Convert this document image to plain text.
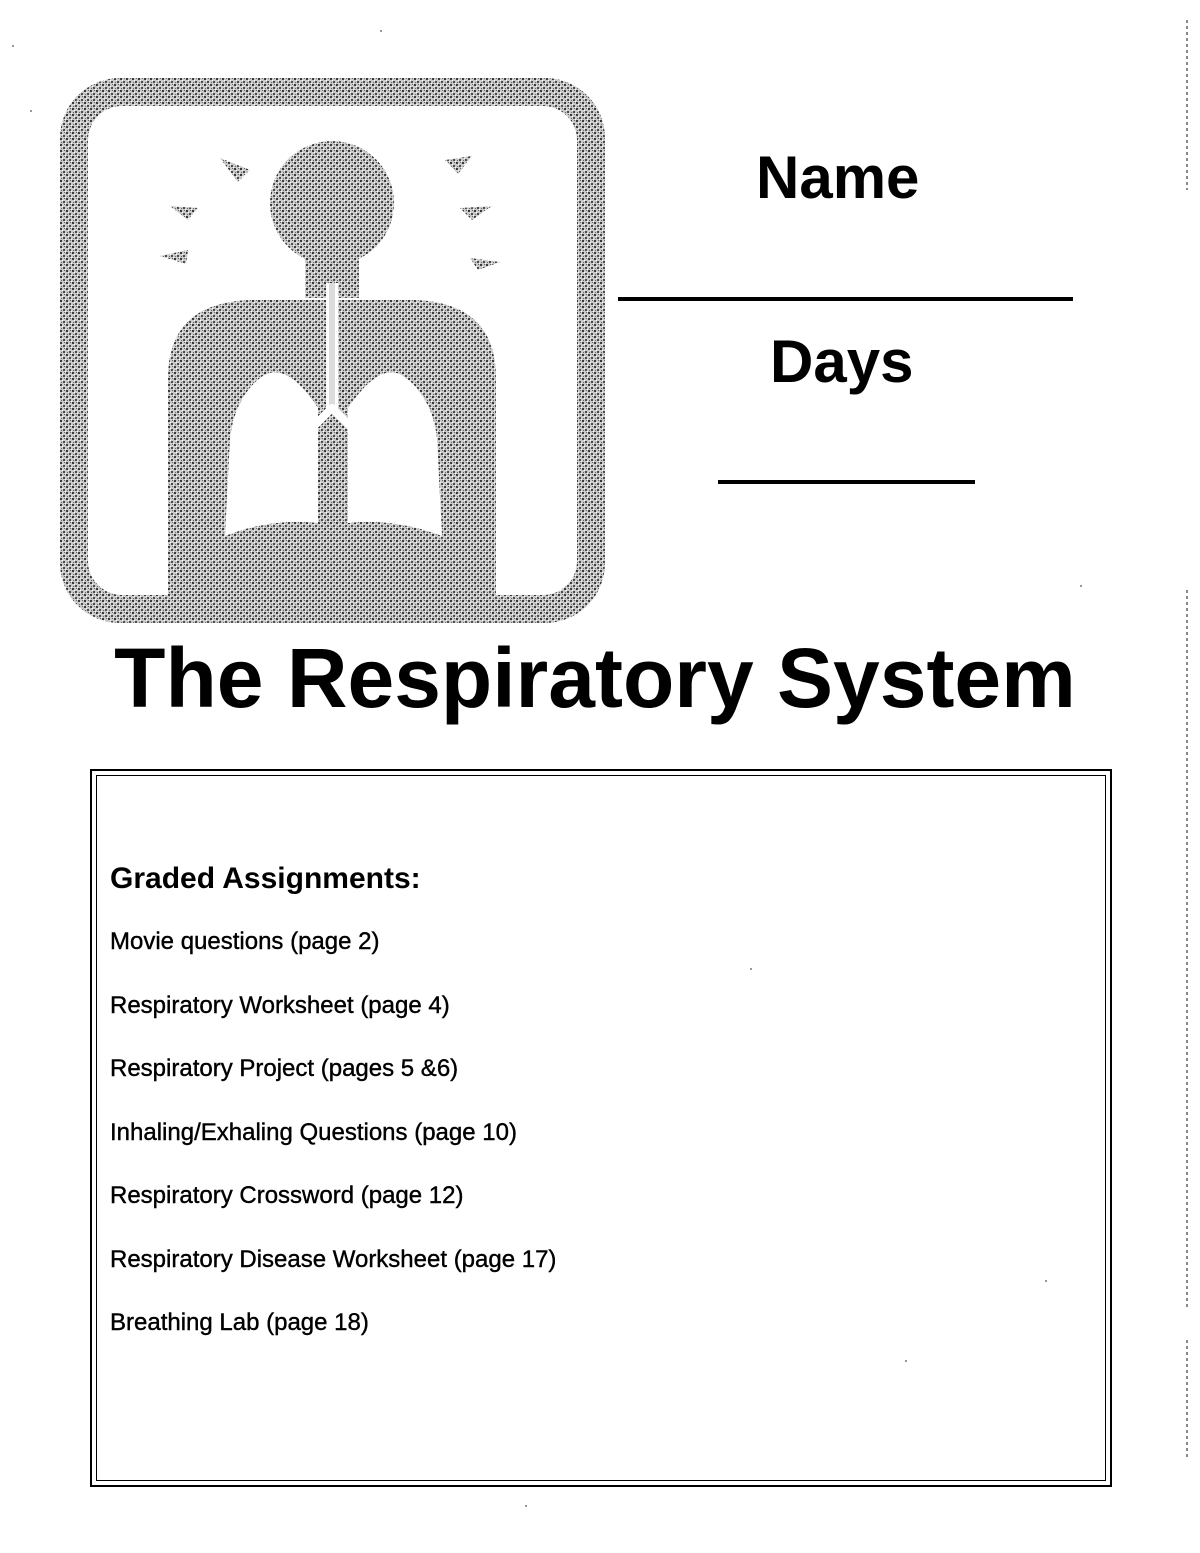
Name
Days
The Respiratory System
Graded Assignments:
Movie questions (page 2)
Respiratory Worksheet (page 4)
Respiratory Project (pages 5 &6)
Inhaling/Exhaling Questions (page 10)
Respiratory Crossword (page 12)
Respiratory Disease Worksheet (page 17)
Breathing Lab (page 18)
